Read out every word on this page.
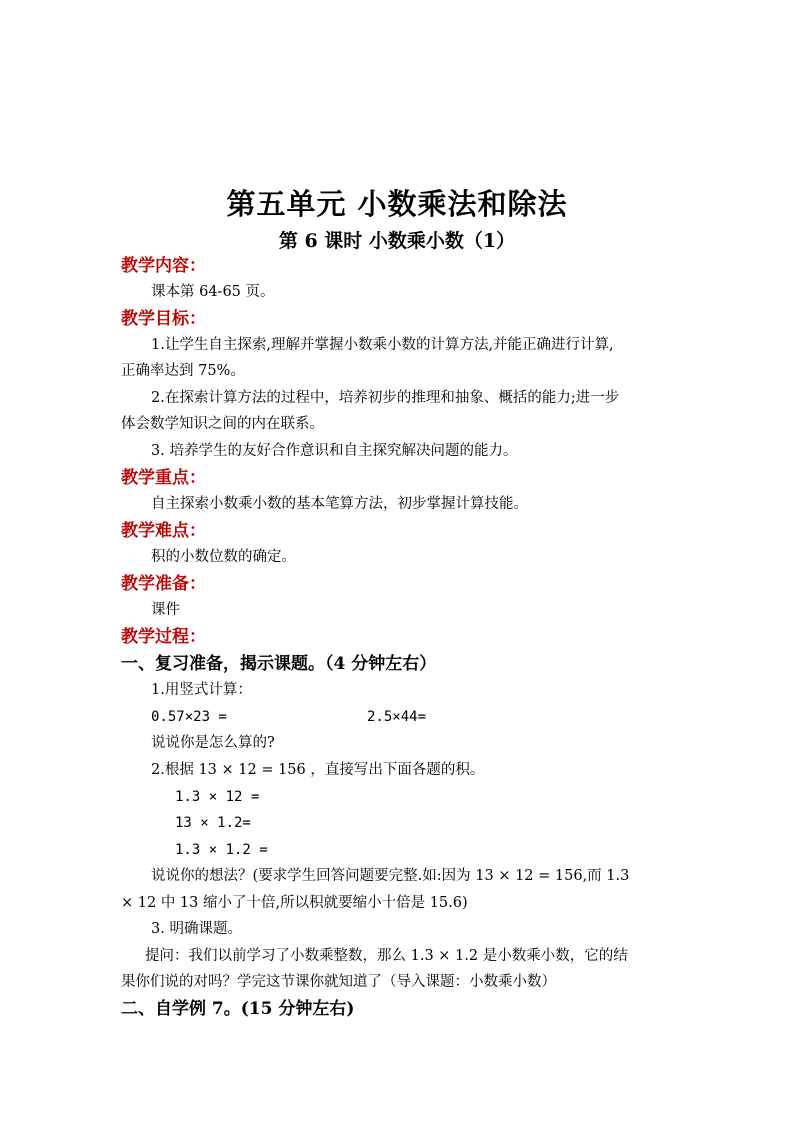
第五单元 小数乘法和除法
第 6 课时 小数乘小数（1）
教学内容：
课本第 64-65 页。
教学目标：
1.让学生自主探索,理解并掌握小数乘小数的计算方法,并能正确进行计算,
正确率达到 75%。
2.在探索计算方法的过程中，培养初步的推理和抽象、概括的能力;进一步
体会数学知识之间的内在联系。
3. 培养学生的友好合作意识和自主探究解决问题的能力。
教学重点：
自主探索小数乘小数的基本笔算方法，初步掌握计算技能。
教学难点：
积的小数位数的确定。
教学准备：
课件
教学过程：
一、复习准备，揭示课题。（4 分钟左右）
1.用竖式计算：
0.57×23 =	2.5×44=
说说你是怎么算的?
2.根据 13 × 12 = 156 ，直接写出下面各题的积。
1.3 × 12 =
13 × 1.2=
1.3 × 1.2 =
说说你的想法？(要求学生回答问题要完整.如:因为 13 × 12 = 156,而 1.3
× 12 中 13 缩小了十倍,所以积就要缩小十倍是 15.6)
3. 明确课题。
提问：我们以前学习了小数乘整数，那么 1.3 × 1.2 是小数乘小数，它的结
果你们说的对吗？学完这节课你就知道了（导入课题：小数乘小数）
二、自学例 7。(15 分钟左右)
